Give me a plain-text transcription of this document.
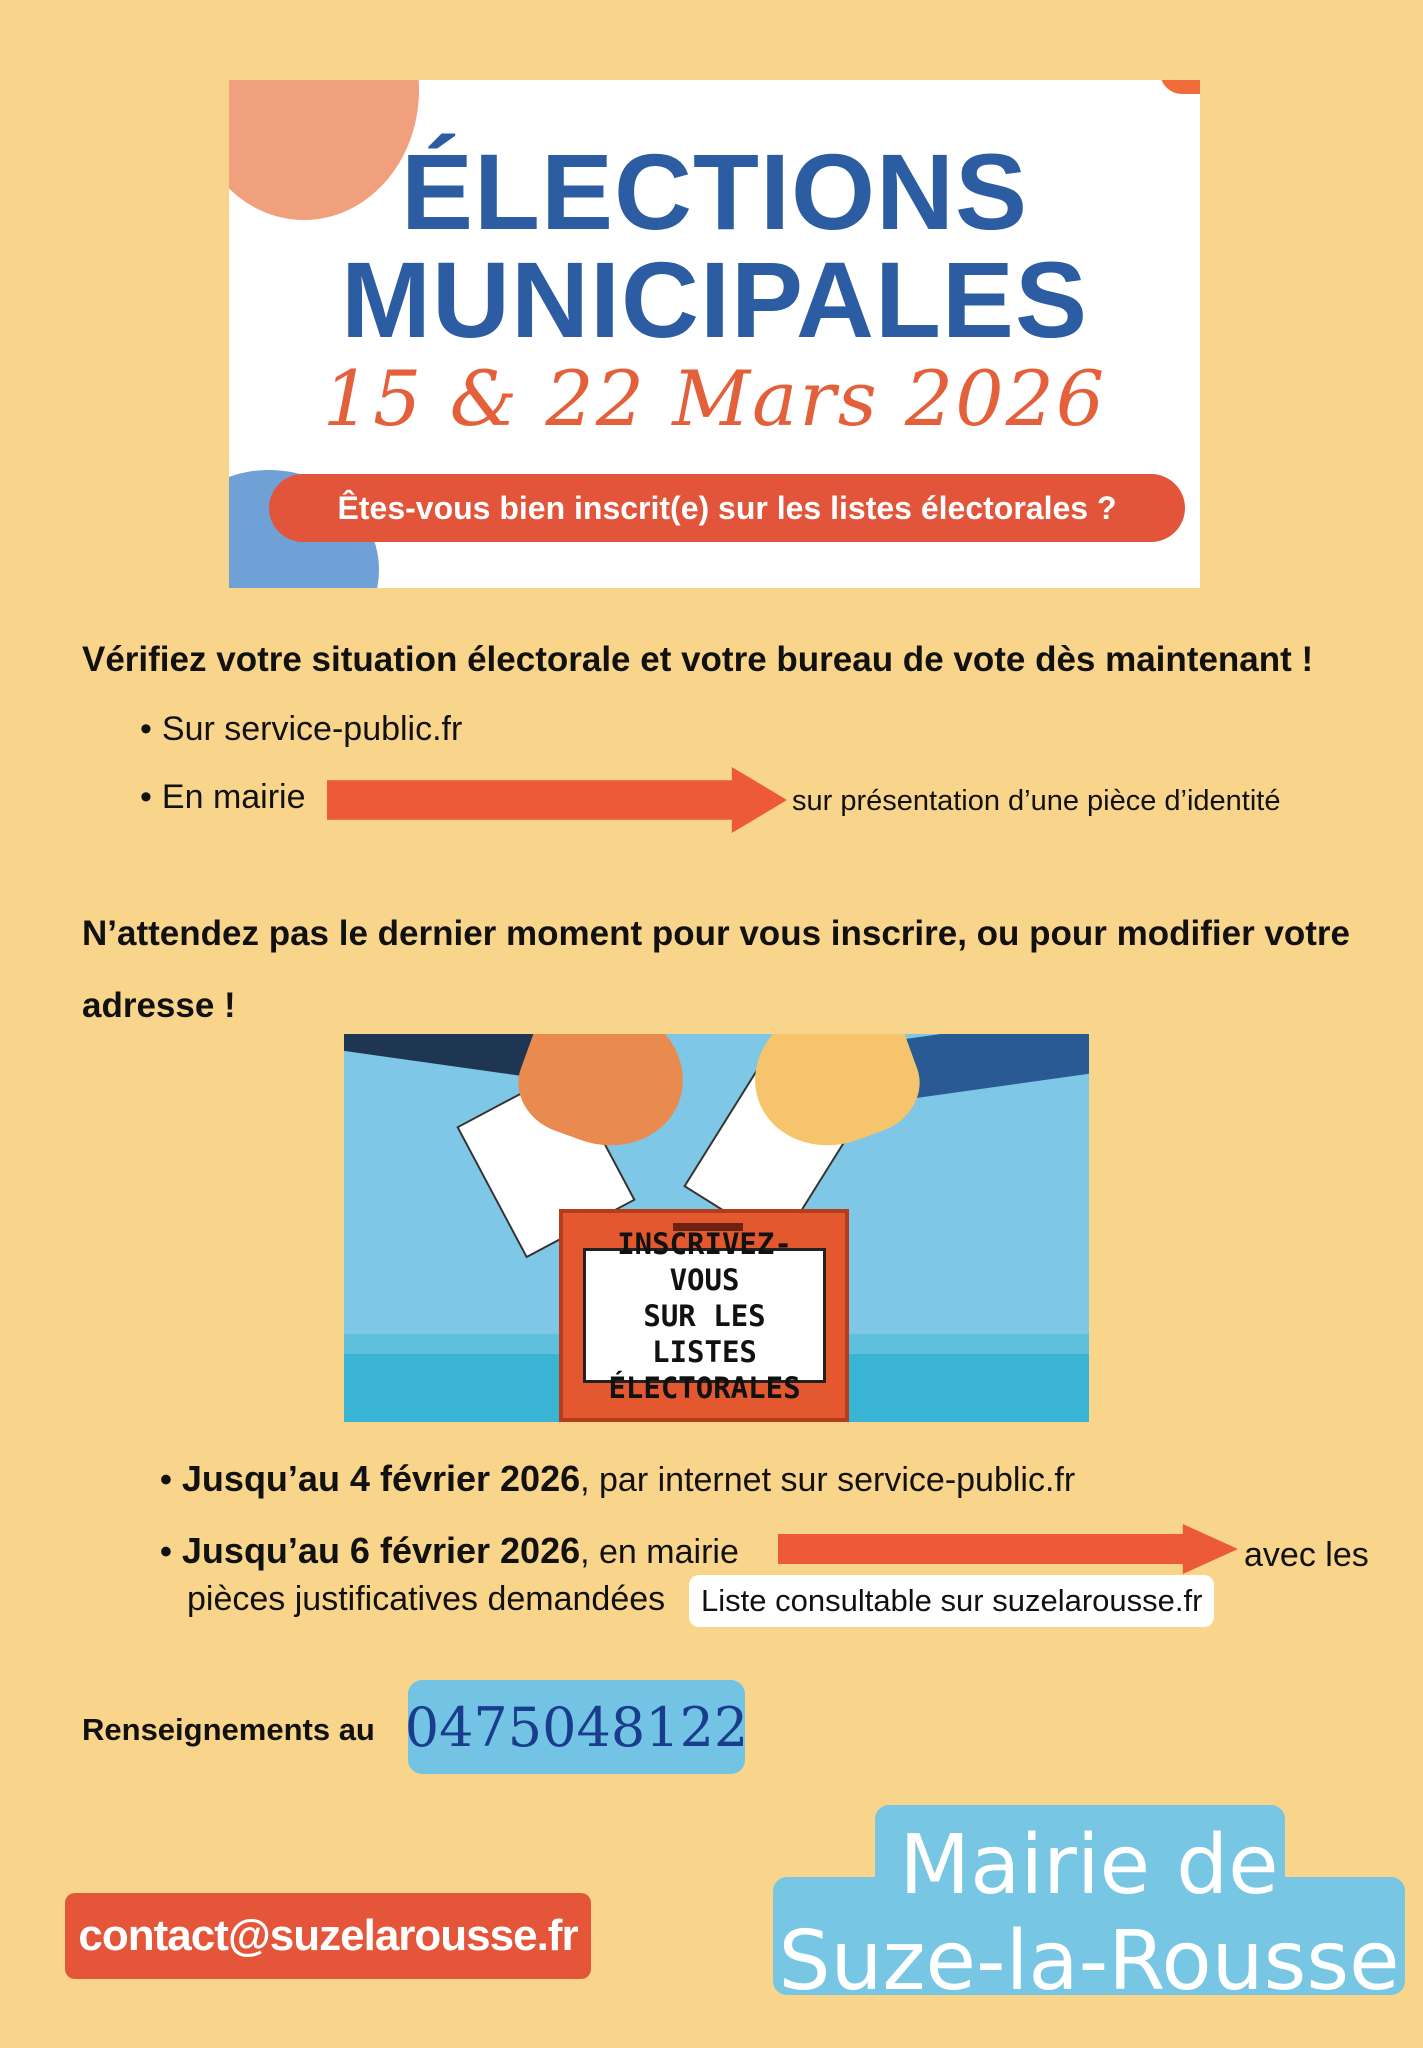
ÉLECTIONS
MUNICIPALES
15 & 22 Mars 2026
Êtes-vous bien inscrit(e) sur les listes électorales ?
Vérifiez votre situation électorale et votre bureau de vote dès maintenant !
• Sur service-public.fr
• En mairie	sur présentation d’une pièce d’identité
N’attendez pas le dernier moment pour vous inscrire, ou pour modifier votre adresse !
INSCRIVEZ-VOUS
SUR LES LISTES
ÉLECTORALES
• Jusqu’au 4 février 2026, par internet sur service-public.fr
• Jusqu’au 6 février 2026, en mairie	avec les
pièces justificatives demandées	Liste consultable sur suzelarousse.fr
Renseignements au 0475048122
contact@suzelarousse.fr
Mairie de
Suze-la-Rousse
